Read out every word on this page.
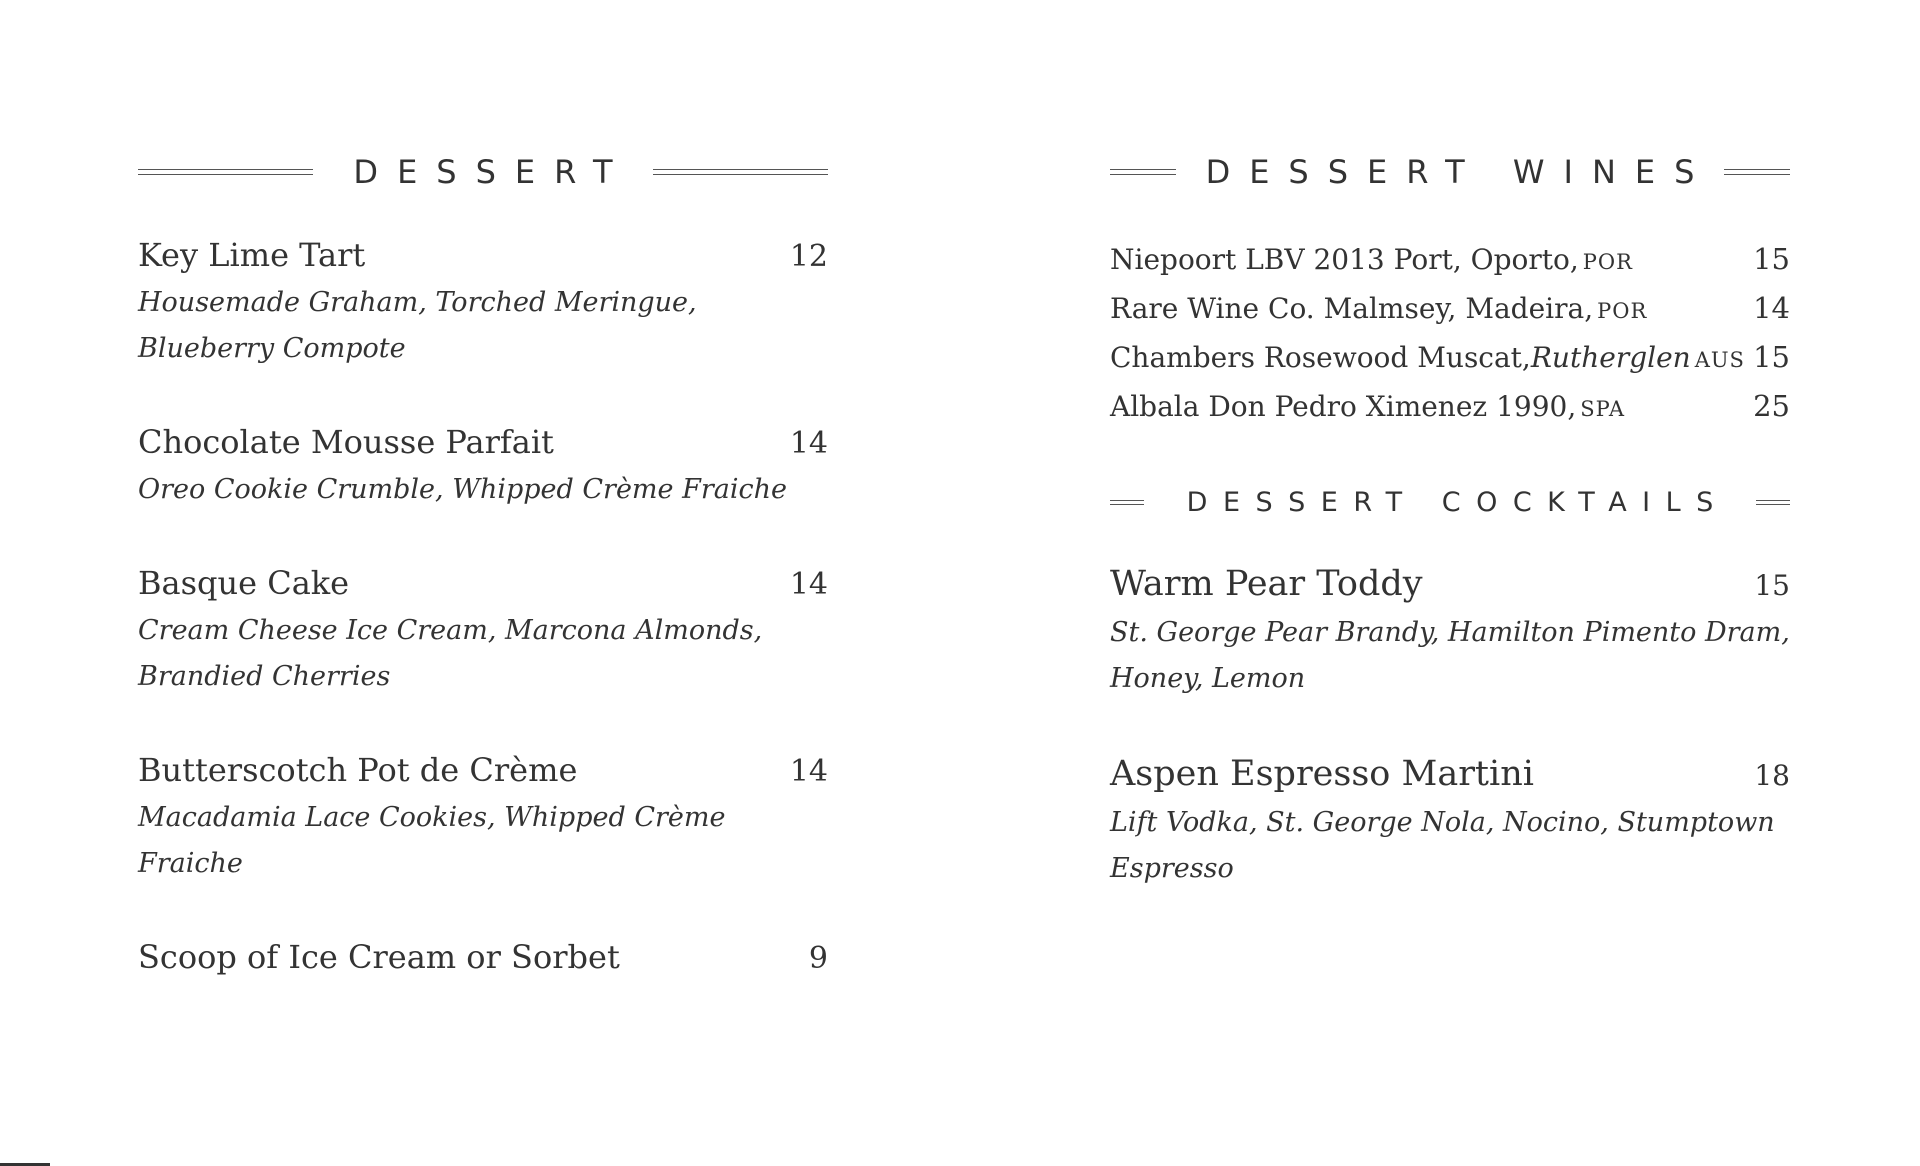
DESSERT
Key Lime Tart	12
Housemade Graham, Torched Meringue,
Blueberry Compote
Chocolate Mousse Parfait	14
Oreo Cookie Crumble, Whipped Crème Fraiche
Basque Cake	14
Cream Cheese Ice Cream, Marcona Almonds,
Brandied Cherries
Butterscotch Pot de Crème	14
Macadamia Lace Cookies, Whipped Crème Fraiche
Scoop of Ice Cream or Sorbet	9
DESSERT WINES
Niepoort LBV 2013 Port, Oporto, POR	15
Rare Wine Co. Malmsey, Madeira, POR	14
Chambers Rosewood Muscat,Rutherglen AUS 15
Albala Don Pedro Ximenez 1990, SPA	25
DESSERT COCKTAILS
Warm Pear Toddy	15
St. George Pear Brandy, Hamilton Pimento Dram,
Honey, Lemon
Aspen Espresso Martini	18
Lift Vodka, St. George Nola, Nocino, Stumptown
Espresso
